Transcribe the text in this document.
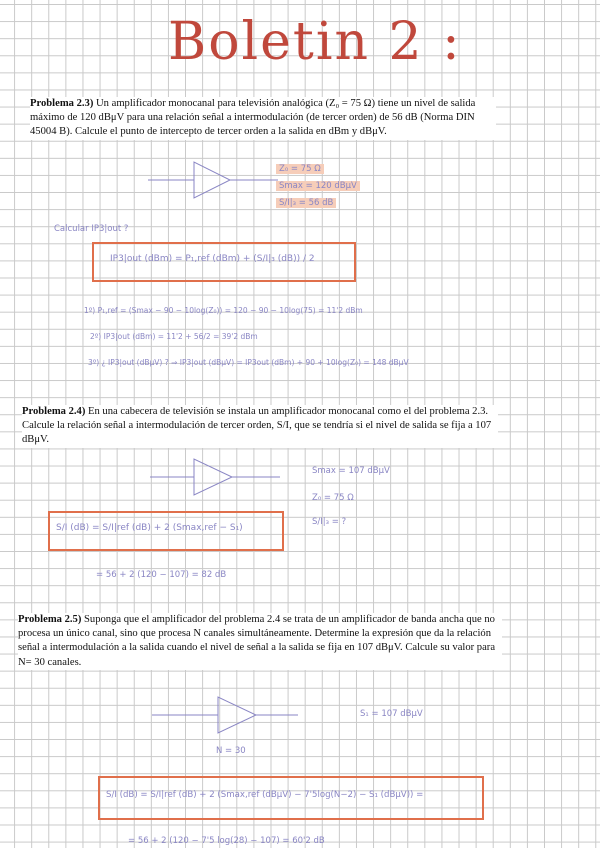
Boletin 2 :
Problema 2.3) Un amplificador monocanal para televisión analógica (Z₀ = 75 Ω) tiene un nivel de salida máximo de 120 dBμV para una relación señal a intermodulación (de tercer orden) de 56 dB (Norma DIN 45004 B). Calcule el punto de intercepto de tercer orden a la salida en dBm y dBμV.
Z₀ = 75 Ω
Smax = 120 dBμV
S/I|₃ = 56 dB
Calcular IP3|out ?
IP3|out (dBm) = P₁,ref (dBm) + (S/I|₃ (dB)) / 2
1º) P₁,ref = (Smax − 90 − 10log(Z₀)) = 120 − 90 − 10log(75) = 11'2 dBm
2º) IP3|out (dBm) = 11'2 + 56/2 = 39'2 dBm
3º) ¿ IP3|out (dBμV) ? ⇒ IP3|out (dBμV) = IP3out (dBm) + 90 + 10log(Z₀) = 148 dBμV
Problema 2.4) En una cabecera de televisión se instala un amplificador monocanal como el del problema 2.3. Calcule la relación señal a intermodulación de tercer orden, S/I, que se tendría si el nivel de salida se fija a 107 dBμV.
Smax = 107 dBμV
Z₀ = 75 Ω
S/I|₃ = ?
S/I (dB) = S/I|ref (dB) + 2 (Smax,ref − S₁)
= 56 + 2 (120 − 107) = 82 dB
Problema 2.5) Suponga que el amplificador del problema 2.4 se trata de un amplificador de banda ancha que no procesa un único canal, sino que procesa N canales simultáneamente. Determine la expresión que da la relación señal a intermodulación a la salida cuando el nivel de señal a la salida se fija en 107 dBμV. Calcule su valor para N= 30 canales.
S₁ = 107 dBμV
N = 30
S/I (dB) = S/I|ref (dB) + 2 (Smax,ref (dBμV) − 7'5log(N−2) − S₁ (dBμV)) =
= 56 + 2 (120 − 7'5 log(28) − 107) = 60'2 dB
